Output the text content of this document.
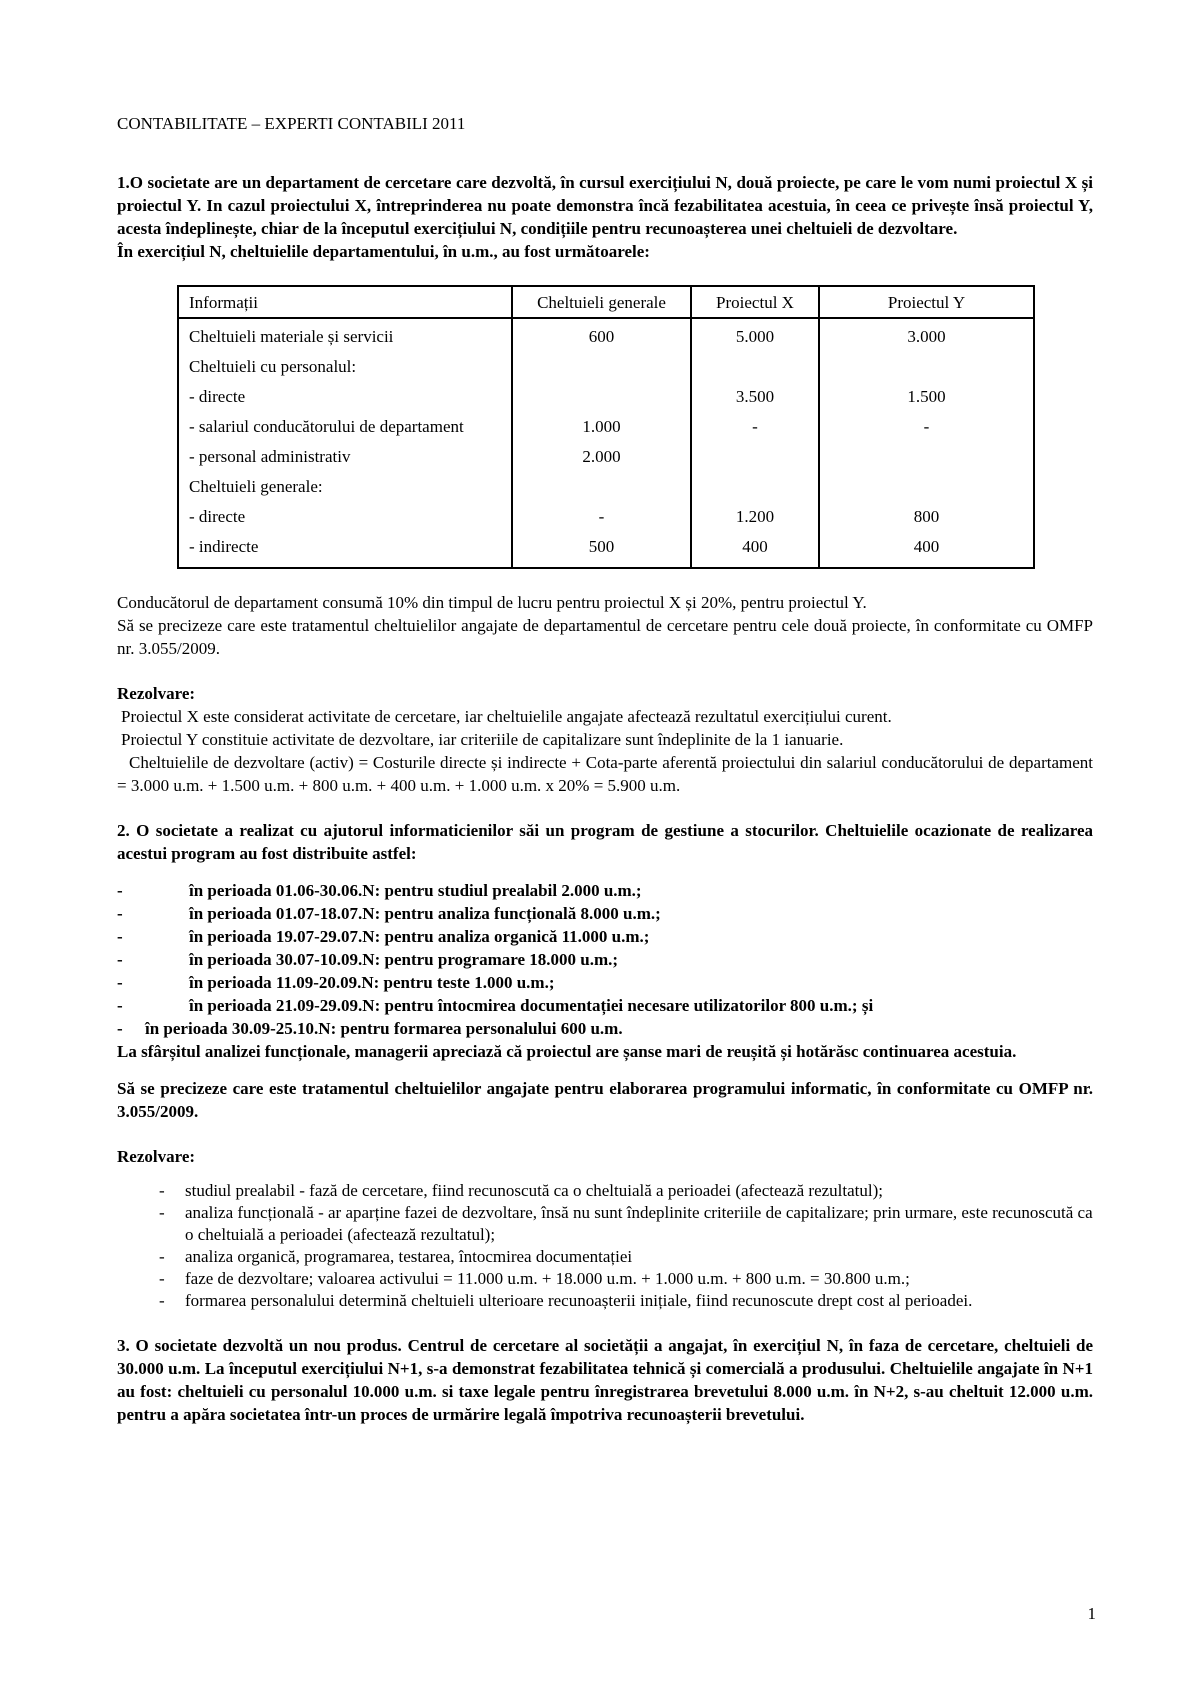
CONTABILITATE – EXPERTI CONTABILI 2011

1.O societate are un departament de cercetare care dezvoltă, în cursul exercițiului N, două proiecte, pe care le vom numi proiectul X și proiectul Y. In cazul proiectului X, întreprinderea nu poate demonstra încă fezabilitatea acestuia, în ceea ce privește însă proiectul Y, acesta îndeplinește, chiar de la începutul exercițiului N, condițiile pentru recunoașterea unei cheltuieli de dezvoltare.

În exercițiul N, cheltuielile departamentului, în u.m., au fost următoarele:

Informații	Cheltuieli generale	Proiectul X	Proiectul Y
Cheltuieli materiale și servicii	600	5.000	3.000
Cheltuieli cu personalul:			
- directe		3.500	1.500
- salariul conducătorului de departament	1.000	-	-
- personal administrativ	2.000		
Cheltuieli generale:			
- directe	-	1.200	800
- indirecte	500	400	400

Conducătorul de departament consumă 10% din timpul de lucru pentru proiectul X și 20%, pentru proiectul Y.

Să se precizeze care este tratamentul cheltuielilor angajate de departamentul de cercetare pentru cele două proiecte, în conformitate cu OMFP nr. 3.055/2009.

Rezolvare:

Proiectul X este considerat activitate de cercetare, iar cheltuielile angajate afectează rezultatul exercițiului curent.

Proiectul Y constituie activitate de dezvoltare, iar criteriile de capitalizare sunt îndeplinite de la 1 ianuarie.

Cheltuielile de dezvoltare (activ) = Costurile directe și indirecte + Cota-parte aferentă proiectului din salariul conducătorului de departament = 3.000 u.m. + 1.500 u.m. + 800 u.m. + 400 u.m. + 1.000 u.m. x 20% = 5.900 u.m.

2. O societate a realizat cu ajutorul informaticienilor săi un program de gestiune a stocurilor. Cheltuielile ocazionate de realizarea acestui program au fost distribuite astfel:

-	în perioada 01.06-30.06.N: pentru studiul prealabil 2.000 u.m.;
-	în perioada 01.07-18.07.N: pentru analiza funcțională 8.000 u.m.;
-	în perioada 19.07-29.07.N: pentru analiza organică 11.000 u.m.;
-	în perioada 30.07-10.09.N: pentru programare 18.000 u.m.;
-	în perioada 11.09-20.09.N: pentru teste 1.000 u.m.;
-	în perioada 21.09-29.09.N: pentru întocmirea documentației necesare utilizatorilor 800 u.m.; și
- în perioada 30.09-25.10.N: pentru formarea personalului 600 u.m.

La sfârșitul analizei funcționale, managerii apreciază că proiectul are șanse mari de reușită și hotărăsc continuarea acestuia.

Să se precizeze care este tratamentul cheltuielilor angajate pentru elaborarea programului informatic, în conformitate cu OMFP nr. 3.055/2009.

Rezolvare:

- studiul prealabil - fază de cercetare, fiind recunoscută ca o cheltuială a perioadei (afectează rezultatul);
- analiza funcțională - ar aparține fazei de dezvoltare, însă nu sunt îndeplinite criteriile de capitalizare; prin urmare, este recunoscută ca o cheltuială a perioadei (afectează rezultatul);
- analiza organică, programarea, testarea, întocmirea documentației
- faze de dezvoltare; valoarea activului = 11.000 u.m. + 18.000 u.m. + 1.000 u.m. + 800 u.m. = 30.800 u.m.;
- formarea personalului determină cheltuieli ulterioare recunoașterii inițiale, fiind recunoscute drept cost al perioadei.

3. O societate dezvoltă un nou produs. Centrul de cercetare al societății a angajat, în exercițiul N, în faza de cercetare, cheltuieli de 30.000 u.m. La începutul exercițiului N+1, s-a demonstrat fezabilitatea tehnică și comercială a produsului. Cheltuielile angajate în N+1 au fost: cheltuieli cu personalul 10.000 u.m. si taxe legale pentru înregistrarea brevetului 8.000 u.m. în N+2, s-au cheltuit 12.000 u.m. pentru a apăra societatea într-un proces de urmărire legală împotriva recunoașterii brevetului.

1
